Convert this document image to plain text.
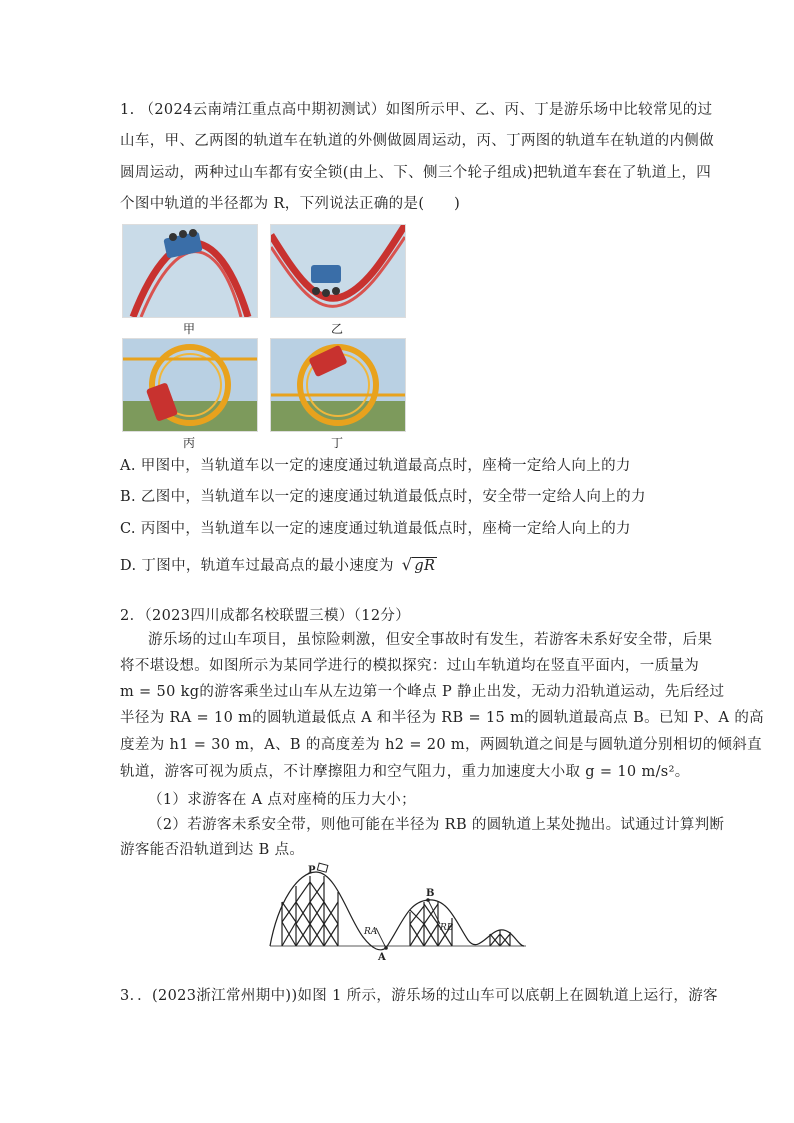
1. （2024云南靖江重点高中期初测试）如图所示甲、乙、丙、丁是游乐场中比较常见的过
山车，甲、乙两图的轨道车在轨道的外侧做圆周运动，丙、丁两图的轨道车在轨道的内侧做
圆周运动，两种过山车都有安全锁(由上、下、侧三个轮子组成)把轨道车套在了轨道上，四
个图中轨道的半径都为 R，下列说法正确的是(　　)
甲	乙
丙	丁
A. 甲图中，当轨道车以一定的速度通过轨道最高点时，座椅一定给人向上的力
B. 乙图中，当轨道车以一定的速度通过轨道最低点时，安全带一定给人向上的力
C. 丙图中，当轨道车以一定的速度通过轨道最低点时，座椅一定给人向上的力
D. 丁图中，轨道车过最高点的最小速度为 √ gR
2．（2023四川成都名校联盟三模）（12分）
游乐场的过山车项目，虽惊险刺激，但安全事故时有发生，若游客未系好安全带，后果
将不堪设想。如图所示为某同学进行的模拟探究：过山车轨道均在竖直平面内，一质量为
m = 50 kg的游客乘坐过山车从左边第一个峰点 P 静止出发，无动力沿轨道运动，先后经过
半径为 RA = 10 m的圆轨道最低点 A 和半径为 RB = 15 m的圆轨道最高点 B。已知 P、A 的高
度差为 h1 = 30 m，A、B 的高度差为 h2 = 20 m，两圆轨道之间是与圆轨道分别相切的倾斜直
轨道，游客可视为质点，不计摩擦阻力和空气阻力，重力加速度大小取 g = 10 m/s²。
（1）求游客在 A 点对座椅的压力大小；
（2）若游客未系安全带，则他可能在半径为 RB 的圆轨道上某处抛出。试通过计算判断
游客能否沿轨道到达 B 点。
P
A
B
RA	RB
3．．(2023浙江常州期中))如图 1 所示，游乐场的过山车可以底朝上在圆轨道上运行，游客
